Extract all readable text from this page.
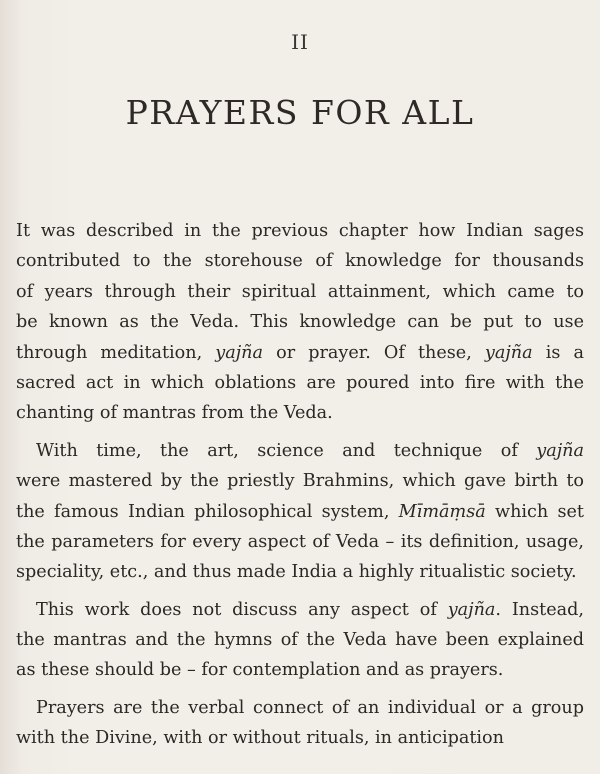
II
PRAYERS FOR ALL
It was described in the previous chapter how Indian sages
contributed to the storehouse of knowledge for thousands
of years through their spiritual attainment, which came to
be known as the Veda. This knowledge can be put to use
through meditation, yajña or prayer. Of these, yajña is a
sacred act in which oblations are poured into fire with the
chanting of mantras from the Veda.
With time, the art, science and technique of yajña
were mastered by the priestly Brahmins, which gave birth to
the famous Indian philosophical system, Mīmāṃsā which set
the parameters for every aspect of Veda – its definition, usage,
speciality, etc., and thus made India a highly ritualistic society.
This work does not discuss any aspect of yajña. Instead,
the mantras and the hymns of the Veda have been explained
as these should be – for contemplation and as prayers.
Prayers are the verbal connect of an individual or a group
with the Divine, with or without rituals, in anticipation
